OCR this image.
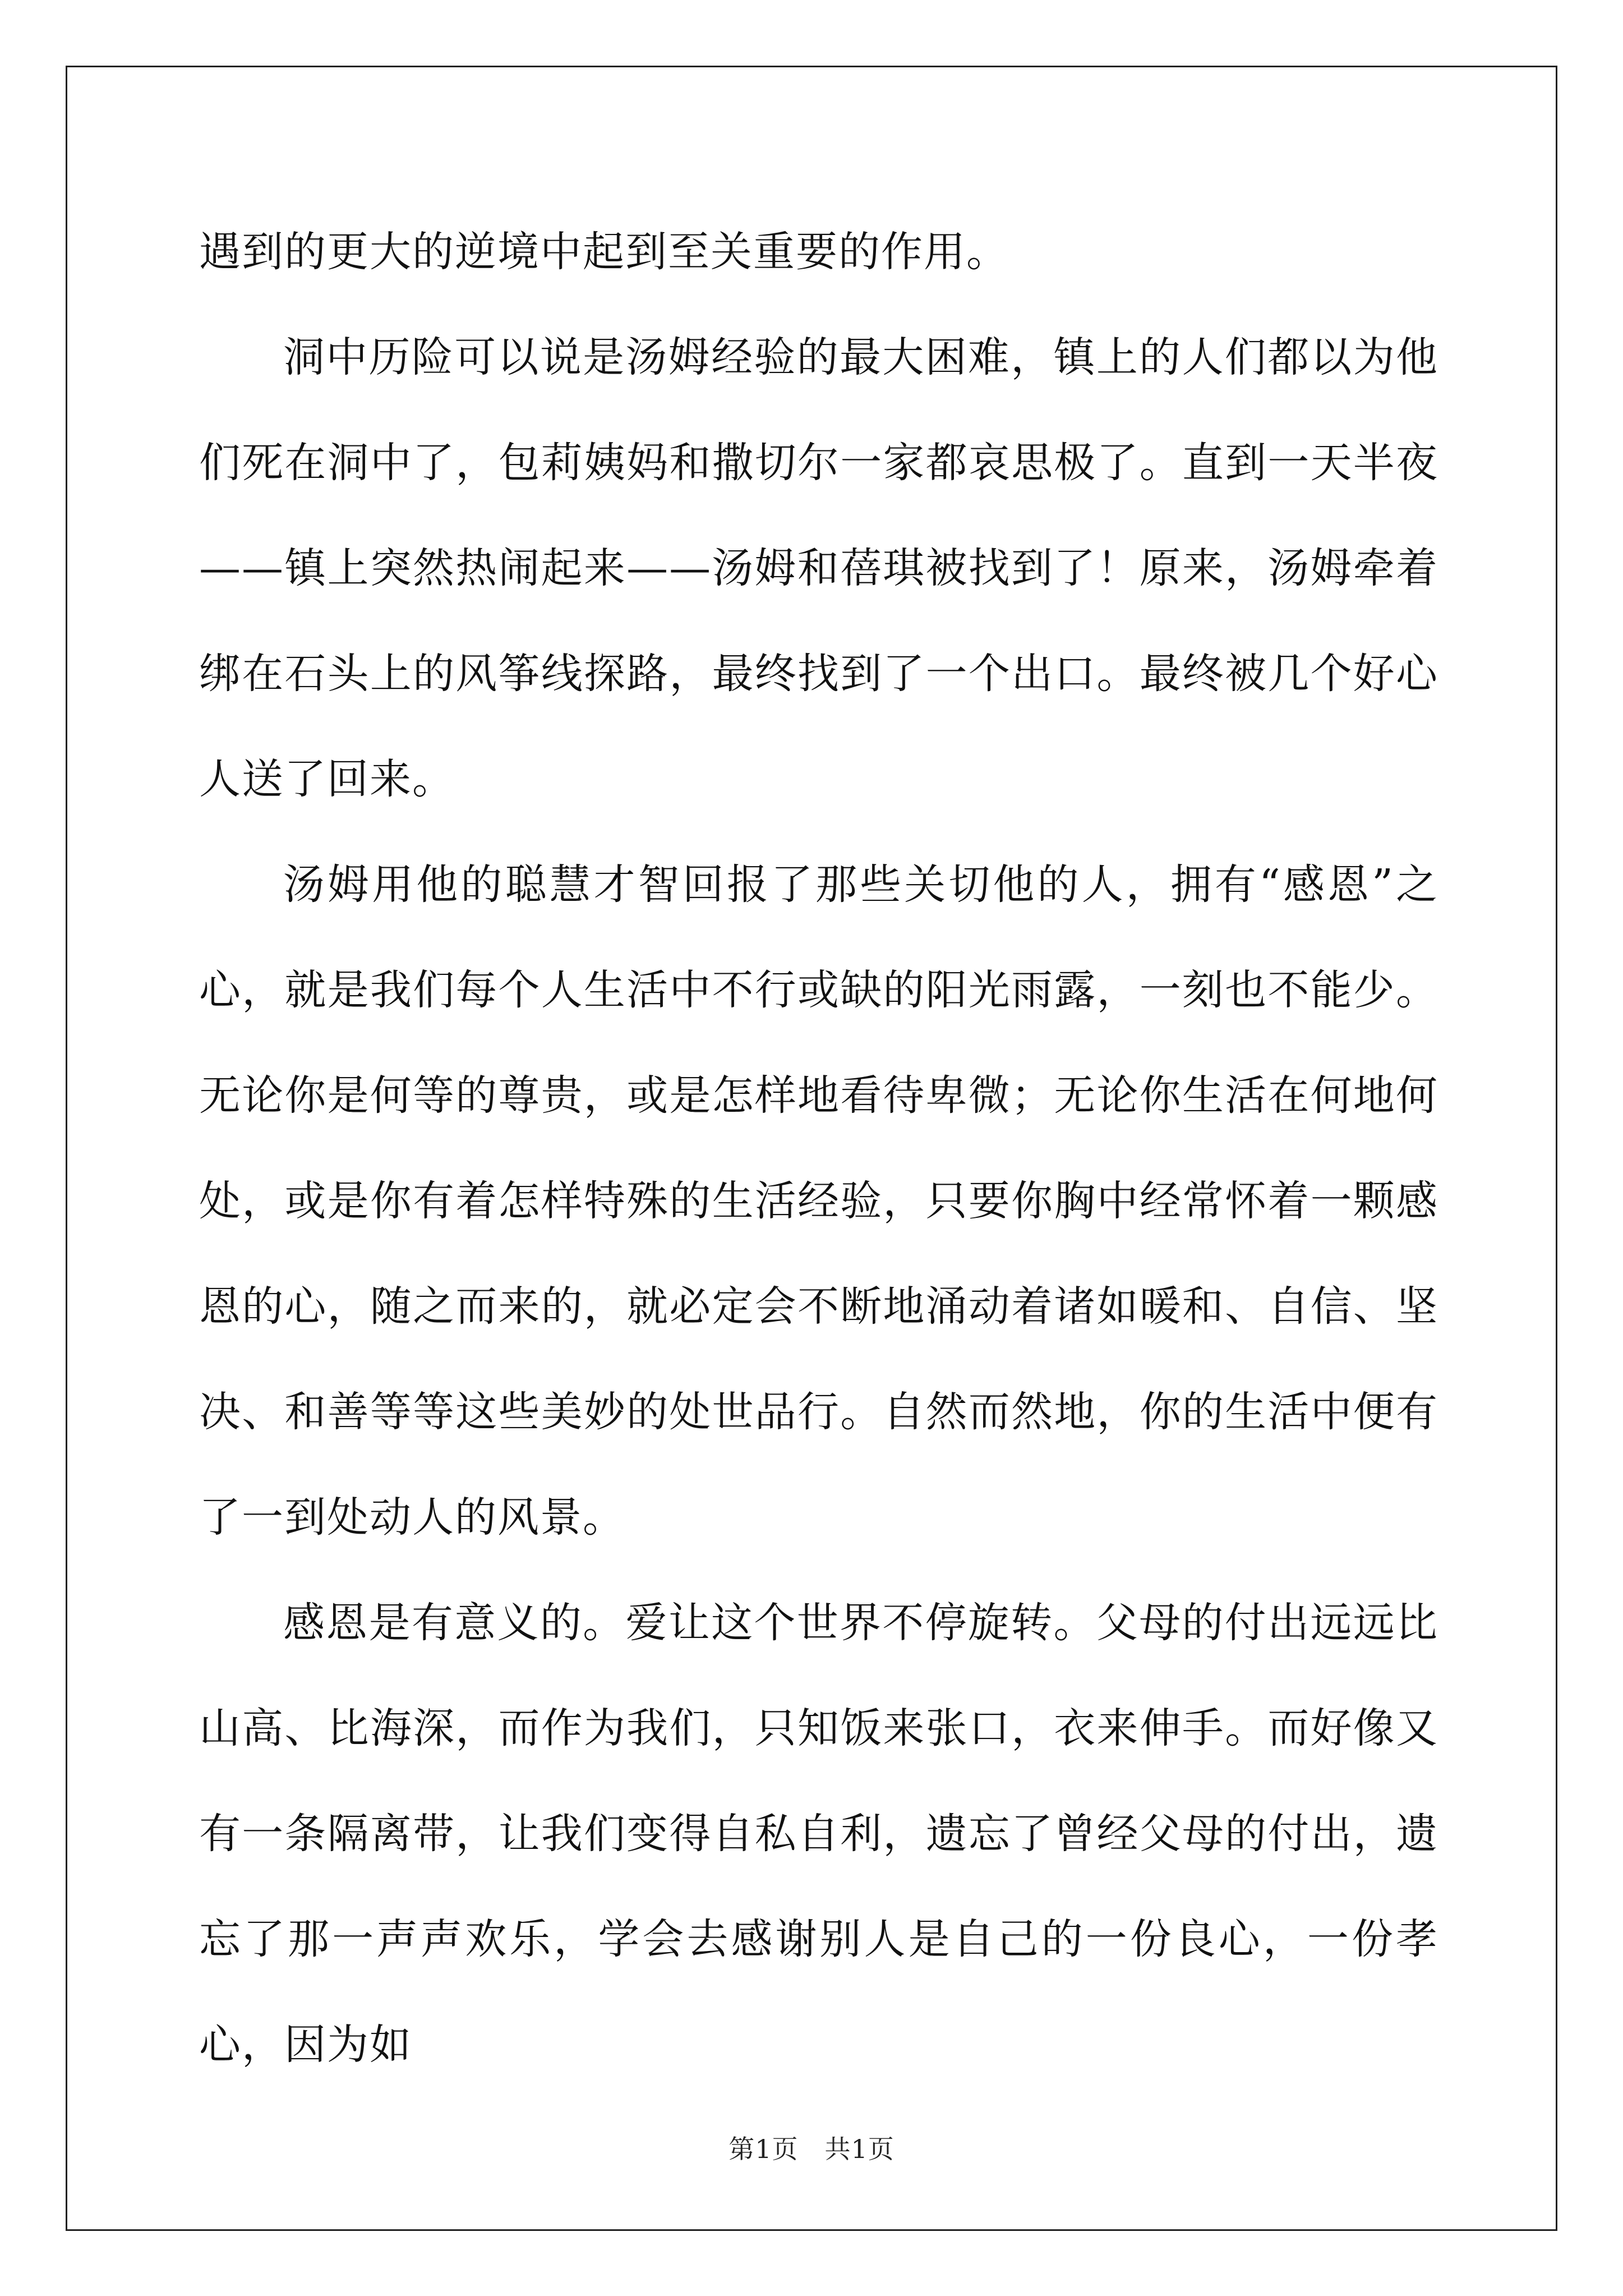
遇到的更大的逆境中起到至关重要的作用。

洞中历险可以说是汤姆经验的最大困难，镇上的人们都以为他们死在洞中了，包莉姨妈和撒切尔一家都哀思极了。直到一天半夜——镇上突然热闹起来——汤姆和蓓琪被找到了！原来，汤姆牵着绑在石头上的风筝线探路，最终找到了一个出口。最终被几个好心人送了回来。

汤姆用他的聪慧才智回报了那些关切他的人，拥有“感恩”之心，就是我们每个人生活中不行或缺的阳光雨露，一刻也不能少。无论你是何等的尊贵，或是怎样地看待卑微；无论你生活在何地何处，或是你有着怎样特殊的生活经验，只要你胸中经常怀着一颗感恩的心，随之而来的，就必定会不断地涌动着诸如暖和、自信、坚决、和善等等这些美妙的处世品行。自然而然地，你的生活中便有了一到处动人的风景。

感恩是有意义的。爱让这个世界不停旋转。父母的付出远远比山高、比海深，而作为我们，只知饭来张口，衣来伸手。而好像又有一条隔离带，让我们变得自私自利，遗忘了曾经父母的付出，遗忘了那一声声欢乐，学会去感谢别人是自己的一份良心，一份孝心，因为如

第1页 共1页
